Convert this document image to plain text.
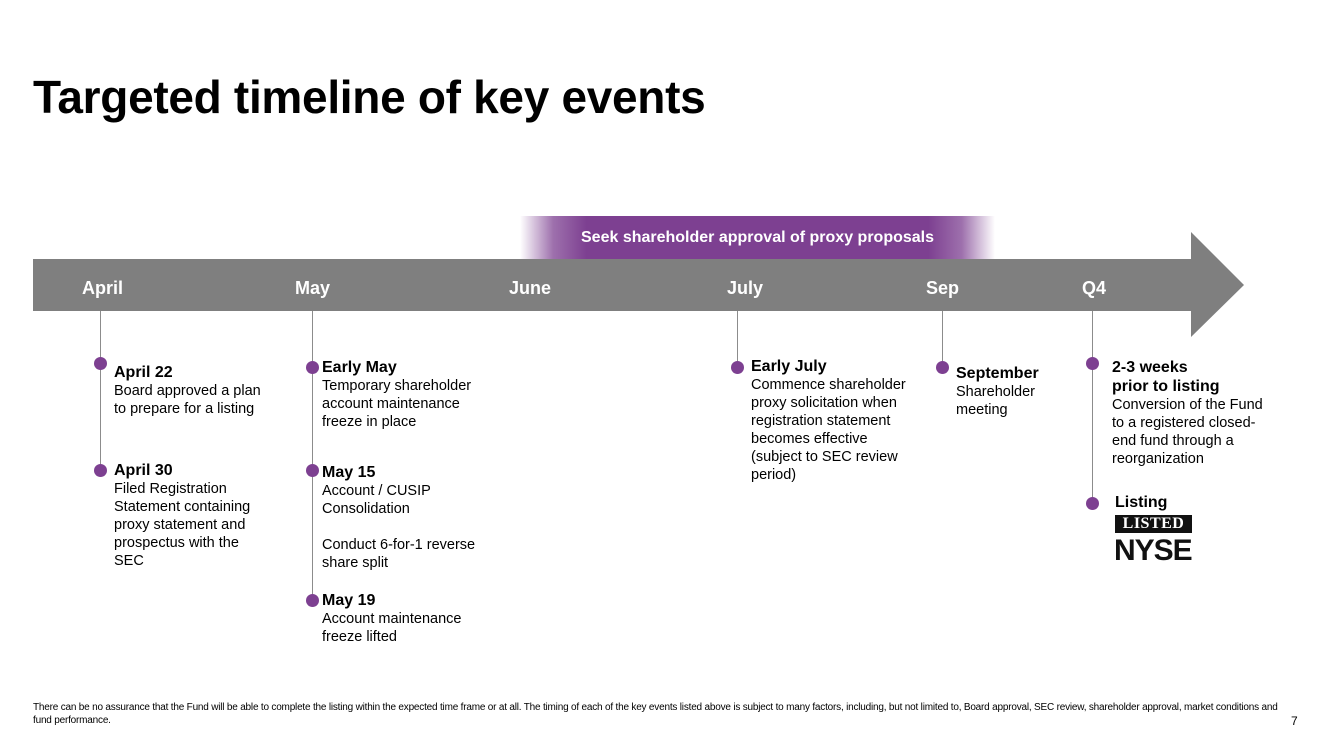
Targeted timeline of key events
Seek shareholder approval of proxy proposals
April	May	June	July	Sep	Q4
April 22
Board approved a plan
to prepare for a listing
April 30
Filed Registration
Statement containing
proxy statement and
prospectus with the
SEC
Early May
Temporary shareholder
account maintenance
freeze in place
May 15
Account / CUSIP
Consolidation
Conduct 6-for-1 reverse
share split
May 19
Account maintenance
freeze lifted
Early July
Commence shareholder
proxy solicitation when
registration statement
becomes effective
(subject to SEC review
period)
September
Shareholder
meeting
2-3 weeks
prior to listing
Conversion of the Fund
to a registered closed-
end fund through a
reorganization
Listing
LISTED
NYSE
There can be no assurance that the Fund will be able to complete the listing within the expected time frame or at all. The timing of each of the key events listed above is subject to many factors, including, but not limited to, Board approval, SEC review, shareholder approval, market conditions and fund performance.	7
